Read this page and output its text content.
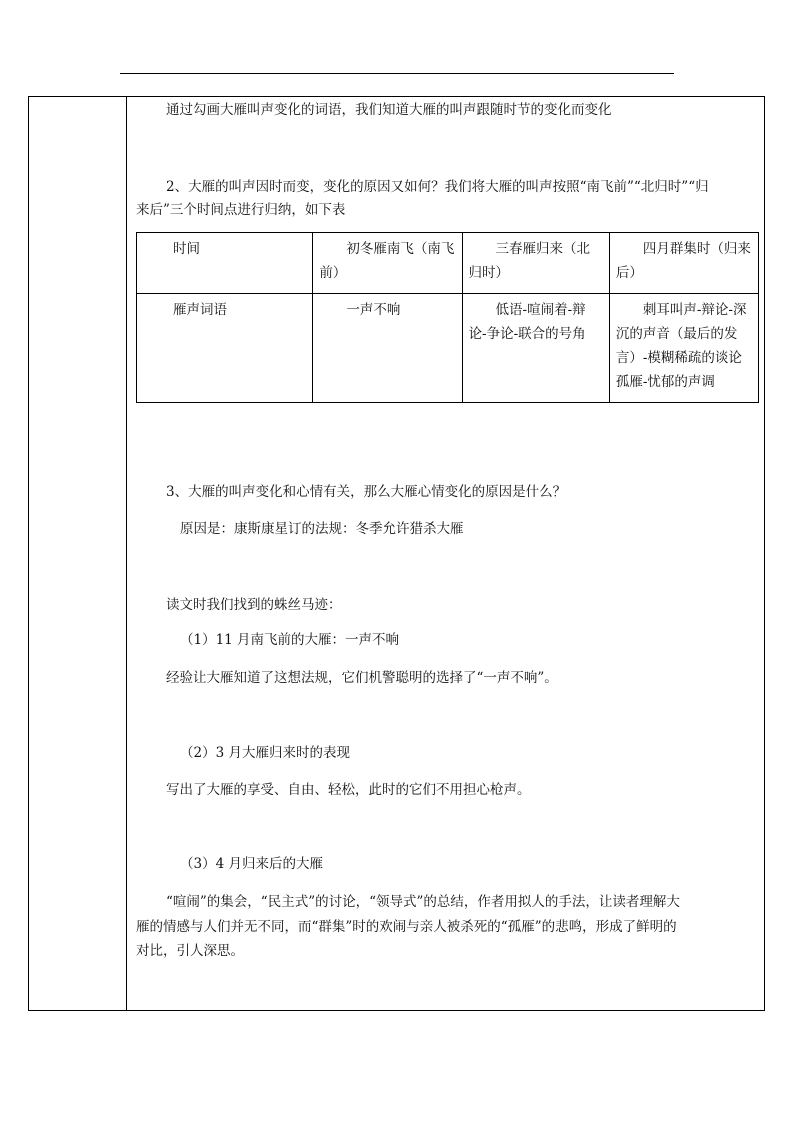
通过勾画大雁叫声变化的词语，我们知道大雁的叫声跟随时节的变化而变化
2、大雁的叫声因时而变，变化的原因又如何？我们将大雁的叫声按照“南飞前”“北归时”“归
来后”三个时间点进行归纳，如下表
时间	初冬雁南飞（南飞前）	三春雁归来（北归时）	四月群集时（归来后）
雁声词语	一声不响	低语-喧闹着-辩论-争论-联合的号角	刺耳叫声-辩论-深沉的声音（最后的发言）-模糊稀疏的谈论孤雁-忧郁的声调
3、大雁的叫声变化和心情有关，那么大雁心情变化的原因是什么？
原因是：康斯康星订的法规：冬季允许猎杀大雁
读文时我们找到的蛛丝马迹：
（1）11 月南飞前的大雁：一声不响
经验让大雁知道了这想法规，它们机警聪明的选择了“一声不响”。
（2）3 月大雁归来时的表现
写出了大雁的享受、自由、轻松，此时的它们不用担心枪声。
（3）4 月归来后的大雁
“喧闹”的集会，“民主式”的讨论，“领导式”的总结，作者用拟人的手法，让读者理解大
雁的情感与人们并无不同，而“群集”时的欢闹与亲人被杀死的“孤雁”的悲鸣，形成了鲜明的
对比，引人深思。
